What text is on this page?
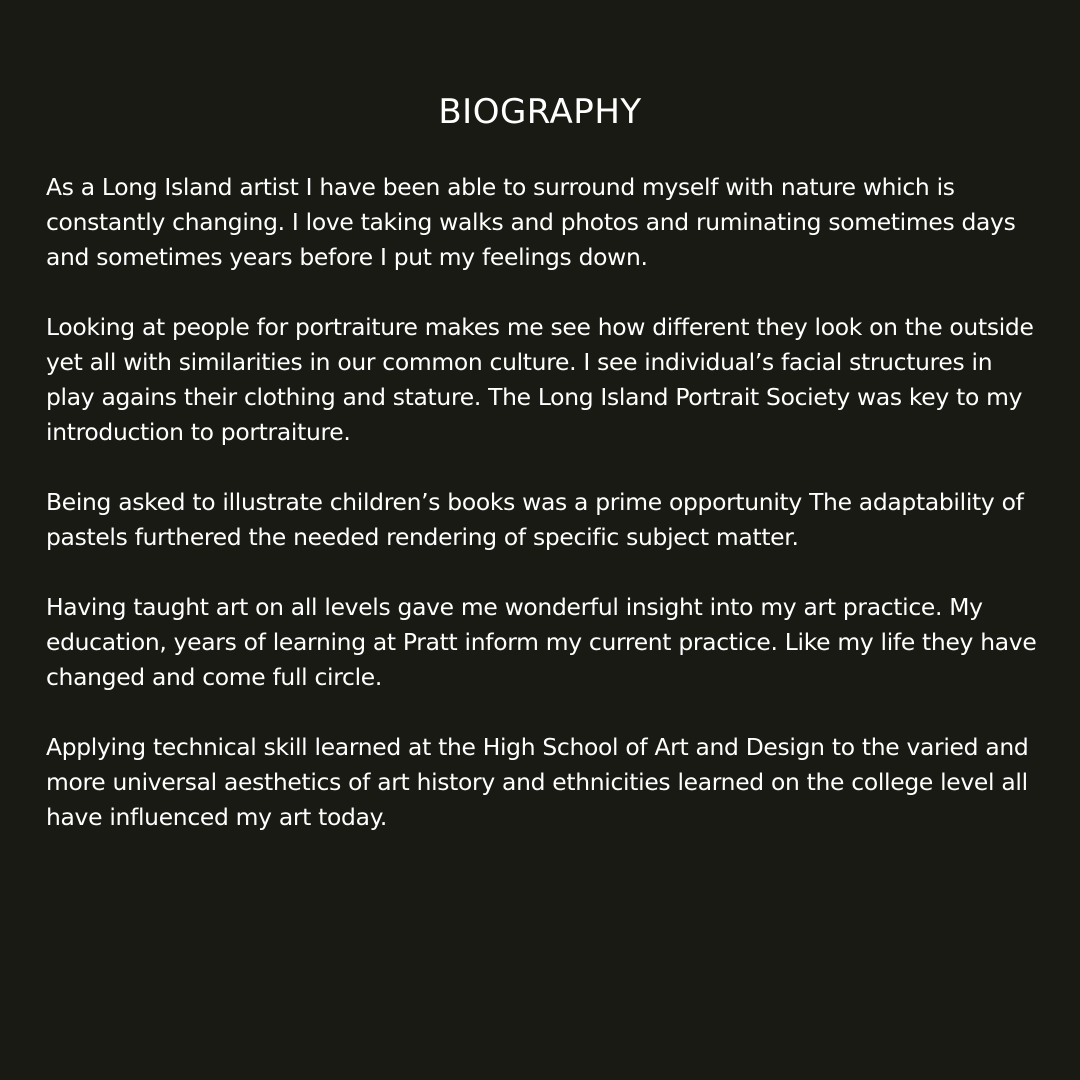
BIOGRAPHY

As a Long Island artist I have been able to surround myself with nature which is constantly changing. I love taking walks and photos and ruminating sometimes days and sometimes years before I put my feelings down.

Looking at people for portraiture makes me see how different they look on the outside yet all with similarities in our common culture. I see individual’s facial structures in play agains their clothing and stature. The Long Island Portrait Society was key to my introduction to portraiture.

Being asked to illustrate children’s books was a prime opportunity The adaptability of pastels furthered the needed rendering of specific subject matter.

Having taught art on all levels gave me wonderful insight into my art practice. My education, years of learning at Pratt inform my current practice. Like my life they have changed and come full circle.

Applying technical skill learned at the High School of Art and Design to the varied and more universal aesthetics of art history and ethnicities learned on the college level all have influenced my art today.
